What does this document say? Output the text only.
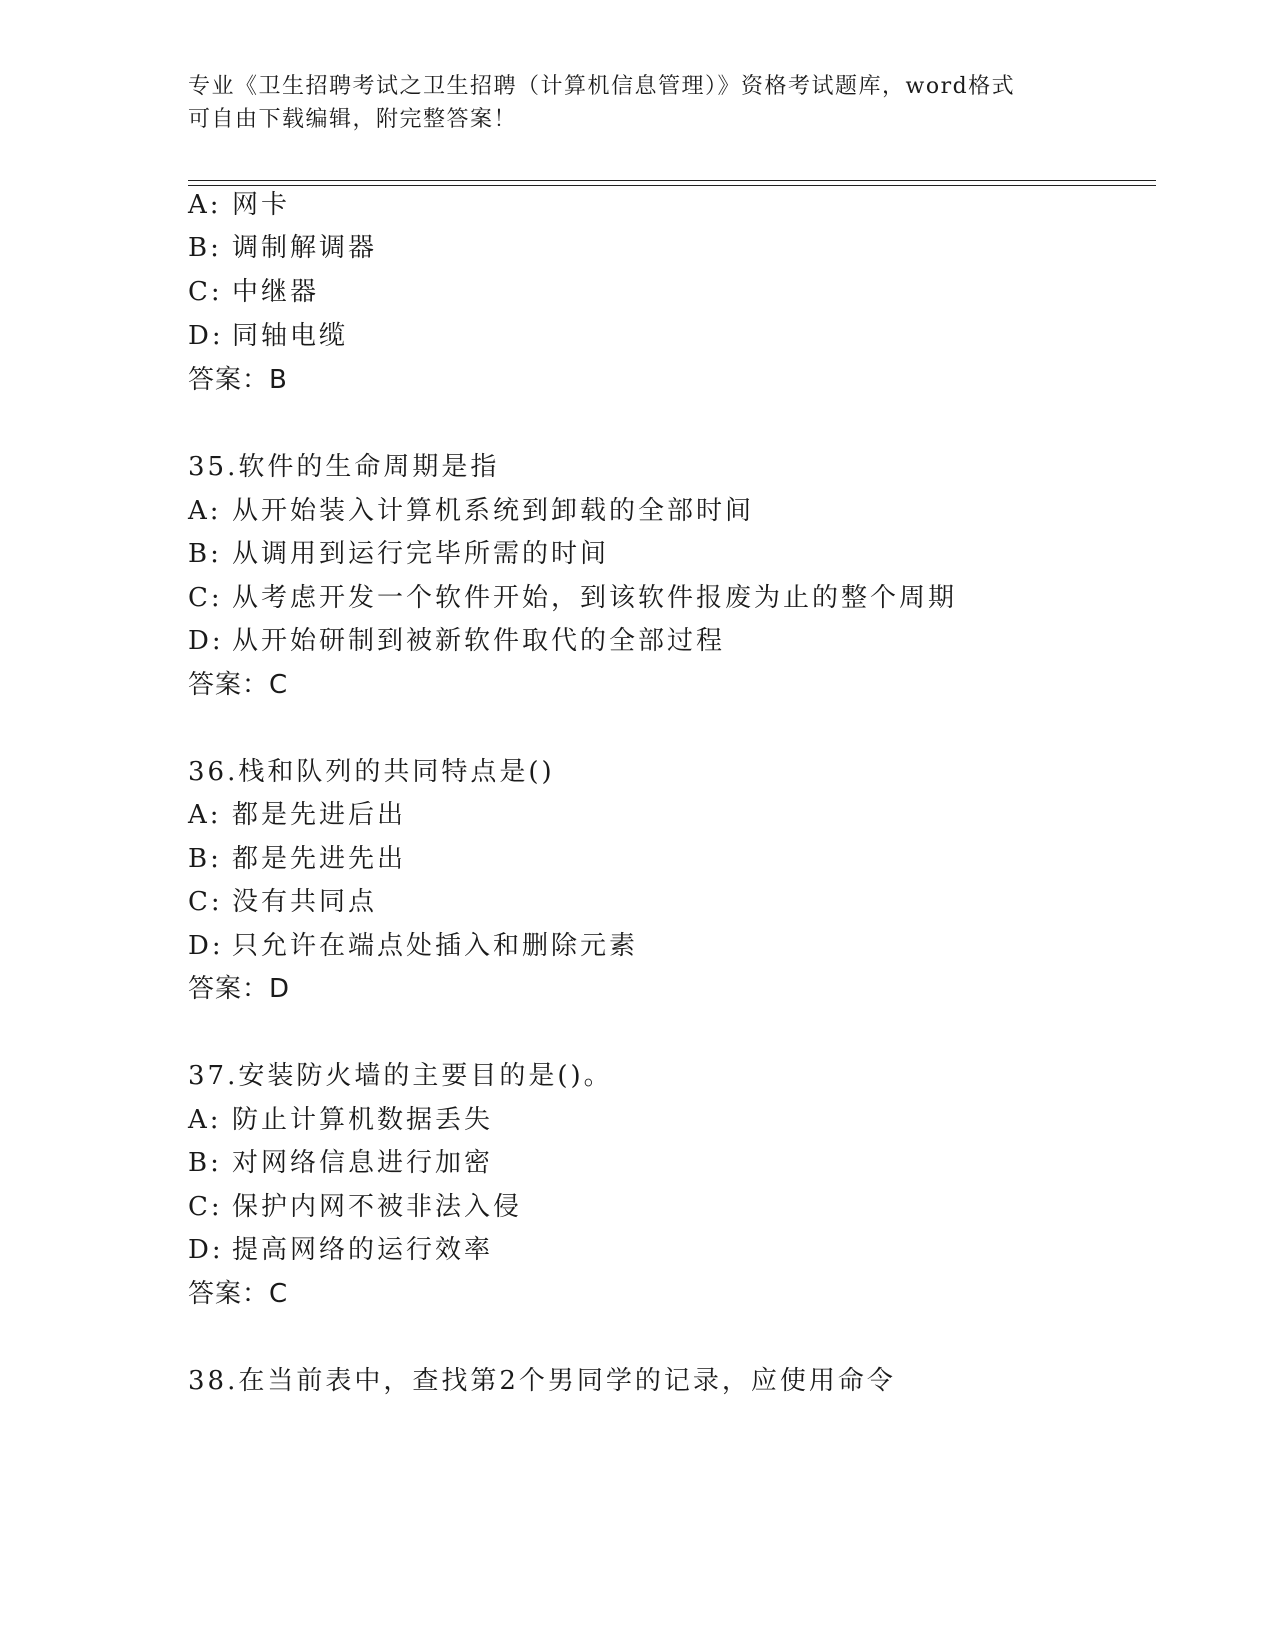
专业《卫生招聘考试之卫生招聘（计算机信息管理）》资格考试题库，word格式
可自由下载编辑，附完整答案！
A: 网卡
B: 调制解调器
C: 中继器
D: 同轴电缆
答案：B
35.软件的生命周期是指
A: 从开始装入计算机系统到卸载的全部时间
B: 从调用到运行完毕所需的时间
C: 从考虑开发一个软件开始，到该软件报废为止的整个周期
D: 从开始研制到被新软件取代的全部过程
答案：C
36.栈和队列的共同特点是()
A: 都是先进后出
B: 都是先进先出
C: 没有共同点
D: 只允许在端点处插入和删除元素
答案：D
37.安装防火墙的主要目的是()。
A: 防止计算机数据丢失
B: 对网络信息进行加密
C: 保护内网不被非法入侵
D: 提高网络的运行效率
答案：C
38.在当前表中，查找第2个男同学的记录，应使用命令
